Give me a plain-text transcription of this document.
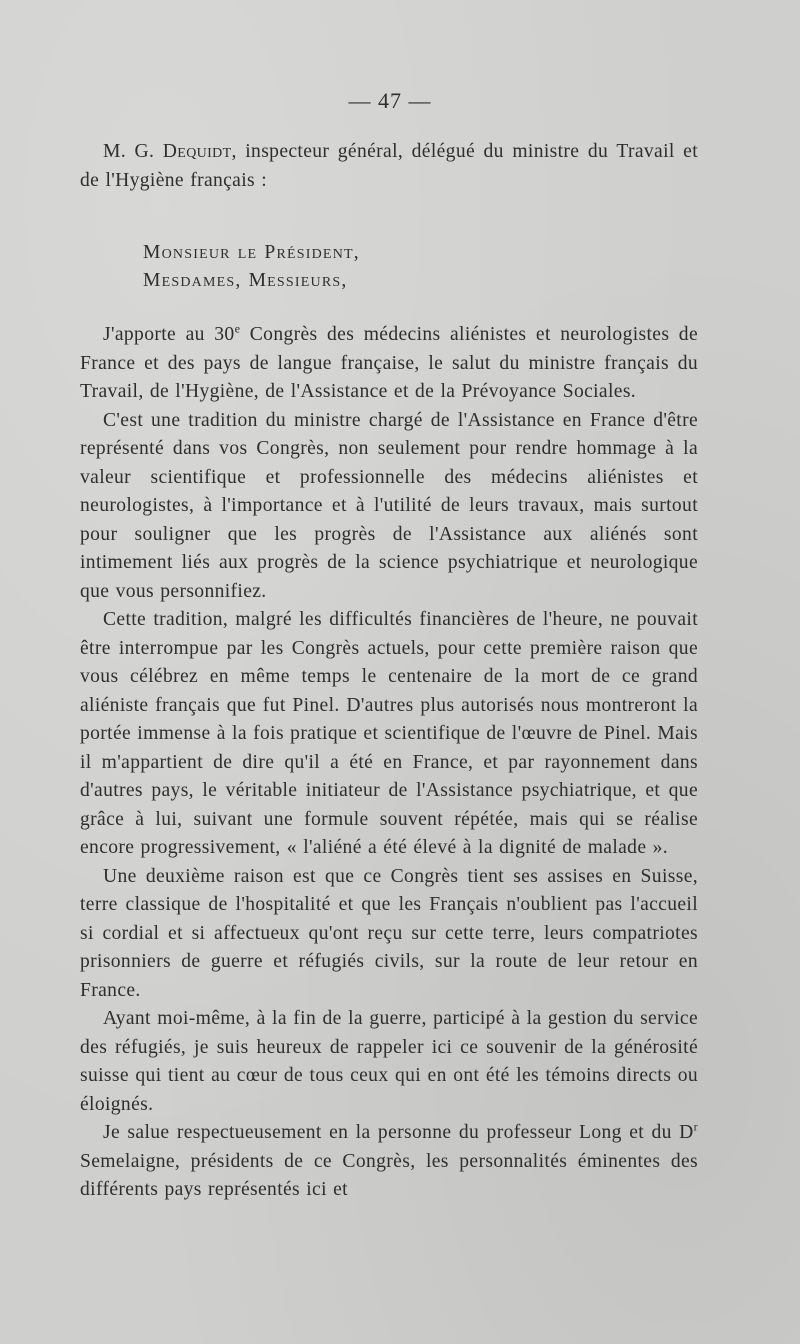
— 47 —

M. G. Dequidt, inspecteur général, délégué du ministre du Travail et de l'Hygiène français :

Monsieur le Président,
Mesdames, Messieurs,

J'apporte au 30e Congrès des médecins aliénistes et neurologistes de France et des pays de langue française, le salut du ministre français du Travail, de l'Hygiène, de l'Assistance et de la Prévoyance Sociales.

C'est une tradition du ministre chargé de l'Assistance en France d'être représenté dans vos Congrès, non seulement pour rendre hommage à la valeur scientifique et professionnelle des médecins aliénistes et neurologistes, à l'importance et à l'utilité de leurs travaux, mais surtout pour souligner que les progrès de l'Assistance aux aliénés sont intimement liés aux progrès de la science psychiatrique et neurologique que vous personnifiez.

Cette tradition, malgré les difficultés financières de l'heure, ne pouvait être interrompue par les Congrès actuels, pour cette première raison que vous célébrez en même temps le centenaire de la mort de ce grand aliéniste français que fut Pinel. D'autres plus autorisés nous montreront la portée immense à la fois pratique et scientifique de l'œuvre de Pinel. Mais il m'appartient de dire qu'il a été en France, et par rayonnement dans d'autres pays, le véritable initiateur de l'Assistance psychiatrique, et que grâce à lui, suivant une formule souvent répétée, mais qui se réalise encore progressivement, « l'aliéné a été élevé à la dignité de malade ».

Une deuxième raison est que ce Congrès tient ses assises en Suisse, terre classique de l'hospitalité et que les Français n'oublient pas l'accueil si cordial et si affectueux qu'ont reçu sur cette terre, leurs compatriotes prisonniers de guerre et réfugiés civils, sur la route de leur retour en France.

Ayant moi-même, à la fin de la guerre, participé à la gestion du service des réfugiés, je suis heureux de rappeler ici ce souvenir de la générosité suisse qui tient au cœur de tous ceux qui en ont été les témoins directs ou éloignés.

Je salue respectueusement en la personne du professeur Long et du $D^r$ Semelaigne, présidents de ce Congrès, les personnalités éminentes des différents pays représentés ici et
